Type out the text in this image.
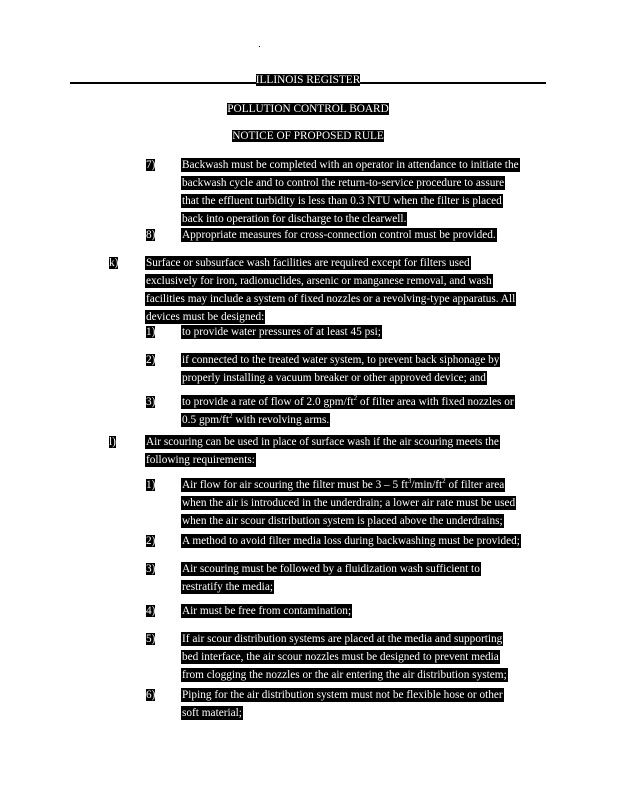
ILLINOIS REGISTER
POLLUTION CONTROL BOARD
NOTICE OF PROPOSED RULE
7) Backwash must be completed with an operator in attendance to initiate the
backwash cycle and to control the return-to-service procedure to assure
that the effluent turbidity is less than 0.3 NTU when the filter is placed
back into operation for discharge to the clearwell.
8) Appropriate measures for cross-connection control must be provided.
k) Surface or subsurface wash facilities are required except for filters used
exclusively for iron, radionuclides, arsenic or manganese removal, and wash
facilities may include a system of fixed nozzles or a revolving-type apparatus. All
devices must be designed:
1) to provide water pressures of at least 45 psi;
2) if connected to the treated water system, to prevent back siphonage by
properly installing a vacuum breaker or other approved device; and
3) to provide a rate of flow of 2.0 gpm/$ft^2$ of filter area with fixed nozzles or
0.5 gpm/$ft^2$ with revolving arms.
l)	Air scouring can be used in place of surface wash if the air scouring meets the
following requirements:
1) Air flow for air scouring the filter must be 3 – 5 $ft^3/\min/ft^2$ of filter area
when the air is introduced in the underdrain; a lower air rate must be used
when the air scour distribution system is placed above the underdrains;
2) A method to avoid filter media loss during backwashing must be provided;
3) Air scouring must be followed by a fluidization wash sufficient to
restratify the media;
4) Air must be free from contamination;
5) If air scour distribution systems are placed at the media and supporting
bed interface, the air scour nozzles must be designed to prevent media
from clogging the nozzles or the air entering the air distribution system;
6) Piping for the air distribution system must not be flexible hose or other
soft material;
